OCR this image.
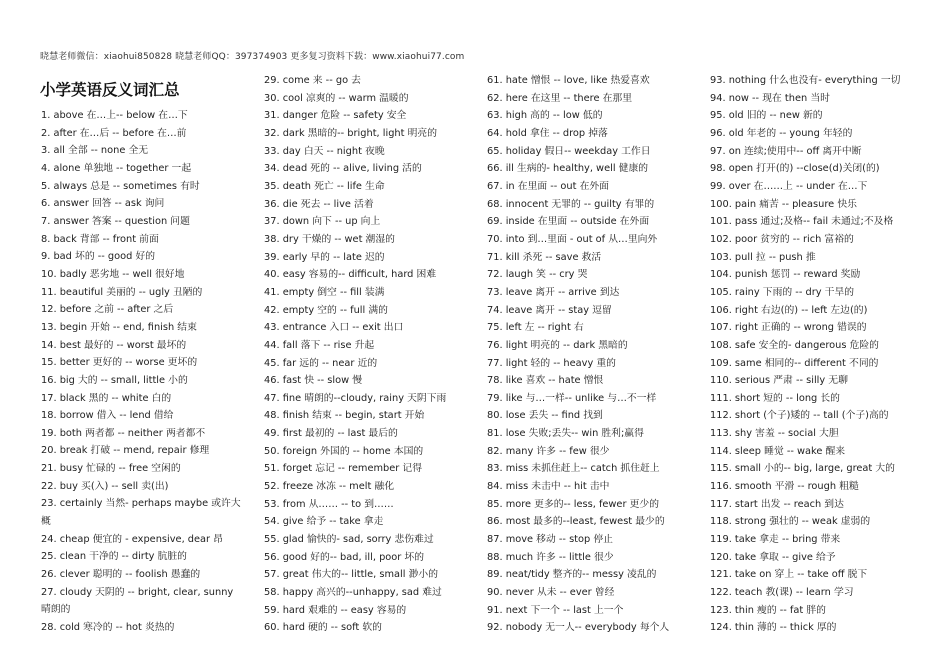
晓慧老师微信：xiaohui850828 晓慧老师QQ：397374903 更多复习资料下载：www.xiaohui77.com
小学英语反义词汇总
1. above 在…上-- below 在…下
2. after 在…后 -- before 在…前
3. all 全部 -- none 全无
4. alone 单独地 -- together 一起
5. always 总是 -- sometimes 有时
6. answer 回答 -- ask 询问
7. answer 答案 -- question 问题
8. back 背部 -- front 前面
9. bad 坏的 -- good 好的
10. badly 恶劣地 -- well 很好地
11. beautiful 美丽的 -- ugly 丑陋的
12. before 之前 -- after 之后
13. begin 开始 -- end, finish 结束
14. best 最好的 -- worst 最坏的
15. better 更好的 -- worse 更坏的
16. big 大的 -- small, little 小的
17. black 黑的 -- white 白的
18. borrow 借入 -- lend 借给
19. both 两者都 -- neither 两者都不
20. break 打破 -- mend, repair 修理
21. busy 忙碌的 -- free 空闲的
22. buy 买(入) -- sell 卖(出)
23. certainly 当然- perhaps maybe 或许大概
24. cheap 便宜的 - expensive, dear 昂
25. clean 干净的 -- dirty 肮脏的
26. clever 聪明的 -- foolish 愚蠢的
27. cloudy 天阴的 -- bright, clear, sunny 晴朗的
28. cold 寒冷的 -- hot 炎热的
29. come 来 -- go 去
30. cool 凉爽的 -- warm 温暖的
31. danger 危险 -- safety 安全
32. dark 黑暗的-- bright, light 明亮的
33. day 白天 -- night 夜晚
34. dead 死的 -- alive, living 活的
35. death 死亡 -- life 生命
36. die 死去 -- live 活着
37. down 向下 -- up 向上
38. dry 干燥的 -- wet 潮湿的
39. early 早的 -- late 迟的
40. easy 容易的-- difficult, hard 困难
41. empty 倒空 -- fill 装满
42. empty 空的 -- full 满的
43. entrance 入口 -- exit 出口
44. fall 落下 -- rise 升起
45. far 远的 -- near 近的
46. fast 快 -- slow 慢
47. fine 晴朗的--cloudy, rainy 天阴下雨
48. finish 结束 -- begin, start 开始
49. first 最初的 -- last 最后的
50. foreign 外国的 -- home 本国的
51. forget 忘记 -- remember 记得
52. freeze 冰冻 -- melt 融化
53. from 从…… -- to 到……
54. give 给予 -- take 拿走
55. glad 愉快的- sad, sorry 悲伤难过
56. good 好的-- bad, ill, poor 坏的
57. great 伟大的-- little, small 渺小的
58. happy 高兴的--unhappy, sad 难过
59. hard 艰难的 -- easy 容易的
60. hard 硬的 -- soft 软的
61. hate 憎恨 -- love, like 热爱喜欢
62. here 在这里 -- there 在那里
63. high 高的 -- low 低的
64. hold 拿住 -- drop 掉落
65. holiday 假日-- weekday 工作日
66. ill 生病的- healthy, well 健康的
67. in 在里面 -- out 在外面
68. innocent 无罪的 -- guilty 有罪的
69. inside 在里面 -- outside 在外面
70. into 到…里面 - out of 从…里向外
71. kill 杀死 -- save 救活
72. laugh 笑 -- cry 哭
73. leave 离开 -- arrive 到达
74. leave 离开 -- stay 逗留
75. left 左 -- right 右
76. light 明亮的 -- dark 黑暗的
77. light 轻的 -- heavy 重的
78. like 喜欢 -- hate 憎恨
79. like 与…一样-- unlike 与…不一样
80. lose 丢失 -- find 找到
81. lose 失败;丢失-- win 胜利;赢得
82. many 许多 -- few 很少
83. miss 未抓住赶上-- catch 抓住赶上
84. miss 未击中 -- hit 击中
85. more 更多的-- less, fewer 更少的
86. most 最多的--least, fewest 最少的
87. move 移动 -- stop 停止
88. much 许多 -- little 很少
89. neat/tidy 整齐的-- messy 凌乱的
90. never 从未 -- ever 曾经
91. next 下一个 -- last 上一个
92. nobody 无一人-- everybody 每个人
93. nothing 什么也没有- everything 一切
94. now -- 现在 then 当时
95. old 旧的 -- new 新的
96. old 年老的 -- young 年轻的
97. on 连续;使用中-- off 离开中断
98. open 打开(的) --close(d)关闭(的)
99. over 在……上 -- under 在…下
100. pain 痛苦 -- pleasure 快乐
101. pass 通过;及格-- fail 未通过;不及格
102. poor 贫穷的 -- rich 富裕的
103. pull 拉 -- push 推
104. punish 惩罚 -- reward 奖励
105. rainy 下雨的 -- dry 干旱的
106. right 右边(的) -- left 左边(的)
107. right 正确的 -- wrong 错误的
108. safe 安全的- dangerous 危险的
109. same 相同的-- different 不同的
110. serious 严肃 -- silly 无聊
111. short 短的 -- long 长的
112. short (个子)矮的 -- tall (个子)高的
113. shy 害羞 -- social 大胆
114. sleep 睡觉 -- wake 醒来
115. small 小的-- big, large, great 大的
116. smooth 平滑 -- rough 粗糙
117. start 出发 -- reach 到达
118. strong 强壮的 -- weak 虚弱的
119. take 拿走 -- bring 带来
120. take 拿取 -- give 给予
121. take on 穿上 -- take off 脱下
122. teach 教(课) -- learn 学习
123. thin 瘦的 -- fat 胖的
124. thin 薄的 -- thick 厚的
